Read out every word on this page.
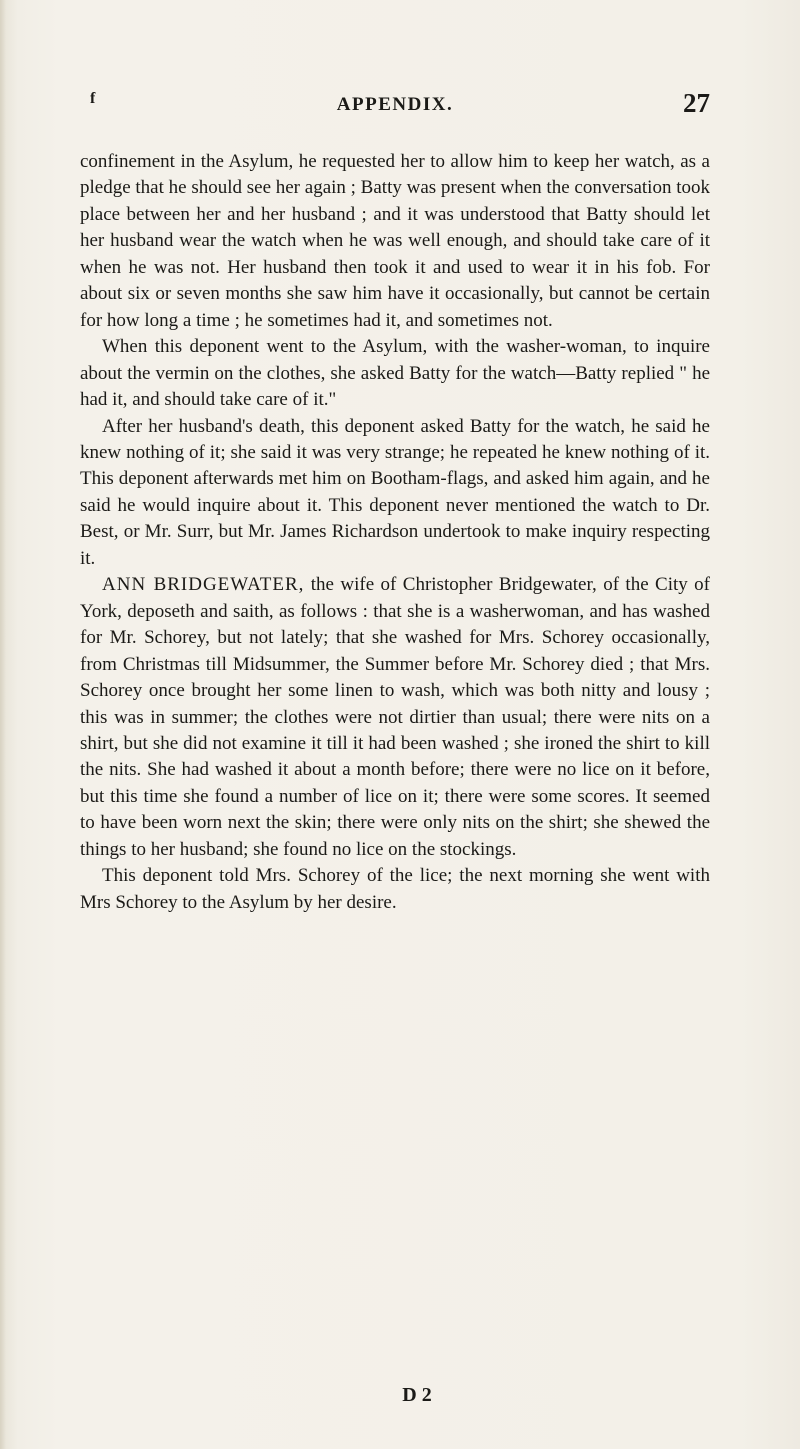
f	APPENDIX.	27

confinement in the Asylum, he requested her to allow him to keep her watch, as a pledge that he should see her again ; Batty was present when the conversation took place between her and her husband ; and it was understood that Batty should let her husband wear the watch when he was well enough, and should take care of it when he was not. Her husband then took it and used to wear it in his fob. For about six or seven months she saw him have it occasionally, but cannot be certain for how long a time ; he sometimes had it, and sometimes not.

When this deponent went to the Asylum, with the washer-woman, to inquire about the vermin on the clothes, she asked Batty for the watch—Batty replied " he had it, and should take care of it."

After her husband's death, this deponent asked Batty for the watch, he said he knew nothing of it; she said it was very strange; he repeated he knew nothing of it. This deponent afterwards met him on Bootham-flags, and asked him again, and he said he would inquire about it. This deponent never mentioned the watch to Dr. Best, or Mr. Surr, but Mr. James Richardson undertook to make inquiry respecting it.

ANN BRIDGEWATER, the wife of Christopher Bridgewater, of the City of York, deposeth and saith, as follows : that she is a washerwoman, and has washed for Mr. Schorey, but not lately; that she washed for Mrs. Schorey occasionally, from Christmas till Midsummer, the Summer before Mr. Schorey died ; that Mrs. Schorey once brought her some linen to wash, which was both nitty and lousy ; this was in summer; the clothes were not dirtier than usual; there were nits on a shirt, but she did not examine it till it had been washed ; she ironed the shirt to kill the nits. She had washed it about a month before; there were no lice on it before, but this time she found a number of lice on it; there were some scores. It seemed to have been worn next the skin; there were only nits on the shirt; she shewed the things to her husband; she found no lice on the stockings.

This deponent told Mrs. Schorey of the lice; the next morning she went with Mrs Schorey to the Asylum by her desire.

D 2
